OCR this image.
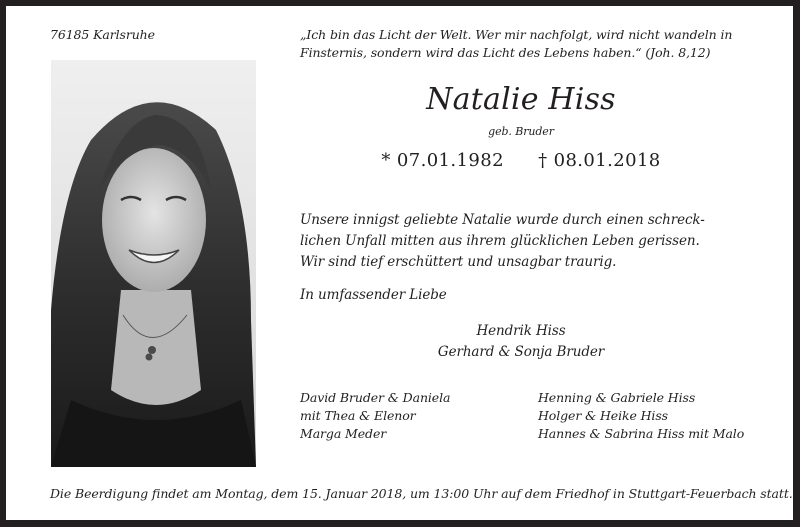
76185 Karlsruhe	„Ich bin das Licht der Welt. Wer mir nachfolgt, wird nicht wandeln in
Finsternis, sondern wird das Licht des Lebens haben.“ (Joh. 8,12)
Natalie Hiss
geb. Bruder
* 07.01.1982 † 08.01.2018
Unsere innigst geliebte Natalie wurde durch einen schreck-
lichen Unfall mitten aus ihrem glücklichen Leben gerissen.
Wir sind tief erschüttert und unsagbar traurig.
In umfassender Liebe
Hendrik Hiss
Gerhard & Sonja Bruder
David Bruder & Daniela
mit Thea & Elenor
Marga Meder
Henning & Gabriele Hiss
Holger & Heike Hiss
Hannes & Sabrina Hiss mit Malo
Die Beerdigung findet am Montag, dem 15. Januar 2018, um 13:00 Uhr auf dem Friedhof in Stuttgart-Feuerbach statt.
